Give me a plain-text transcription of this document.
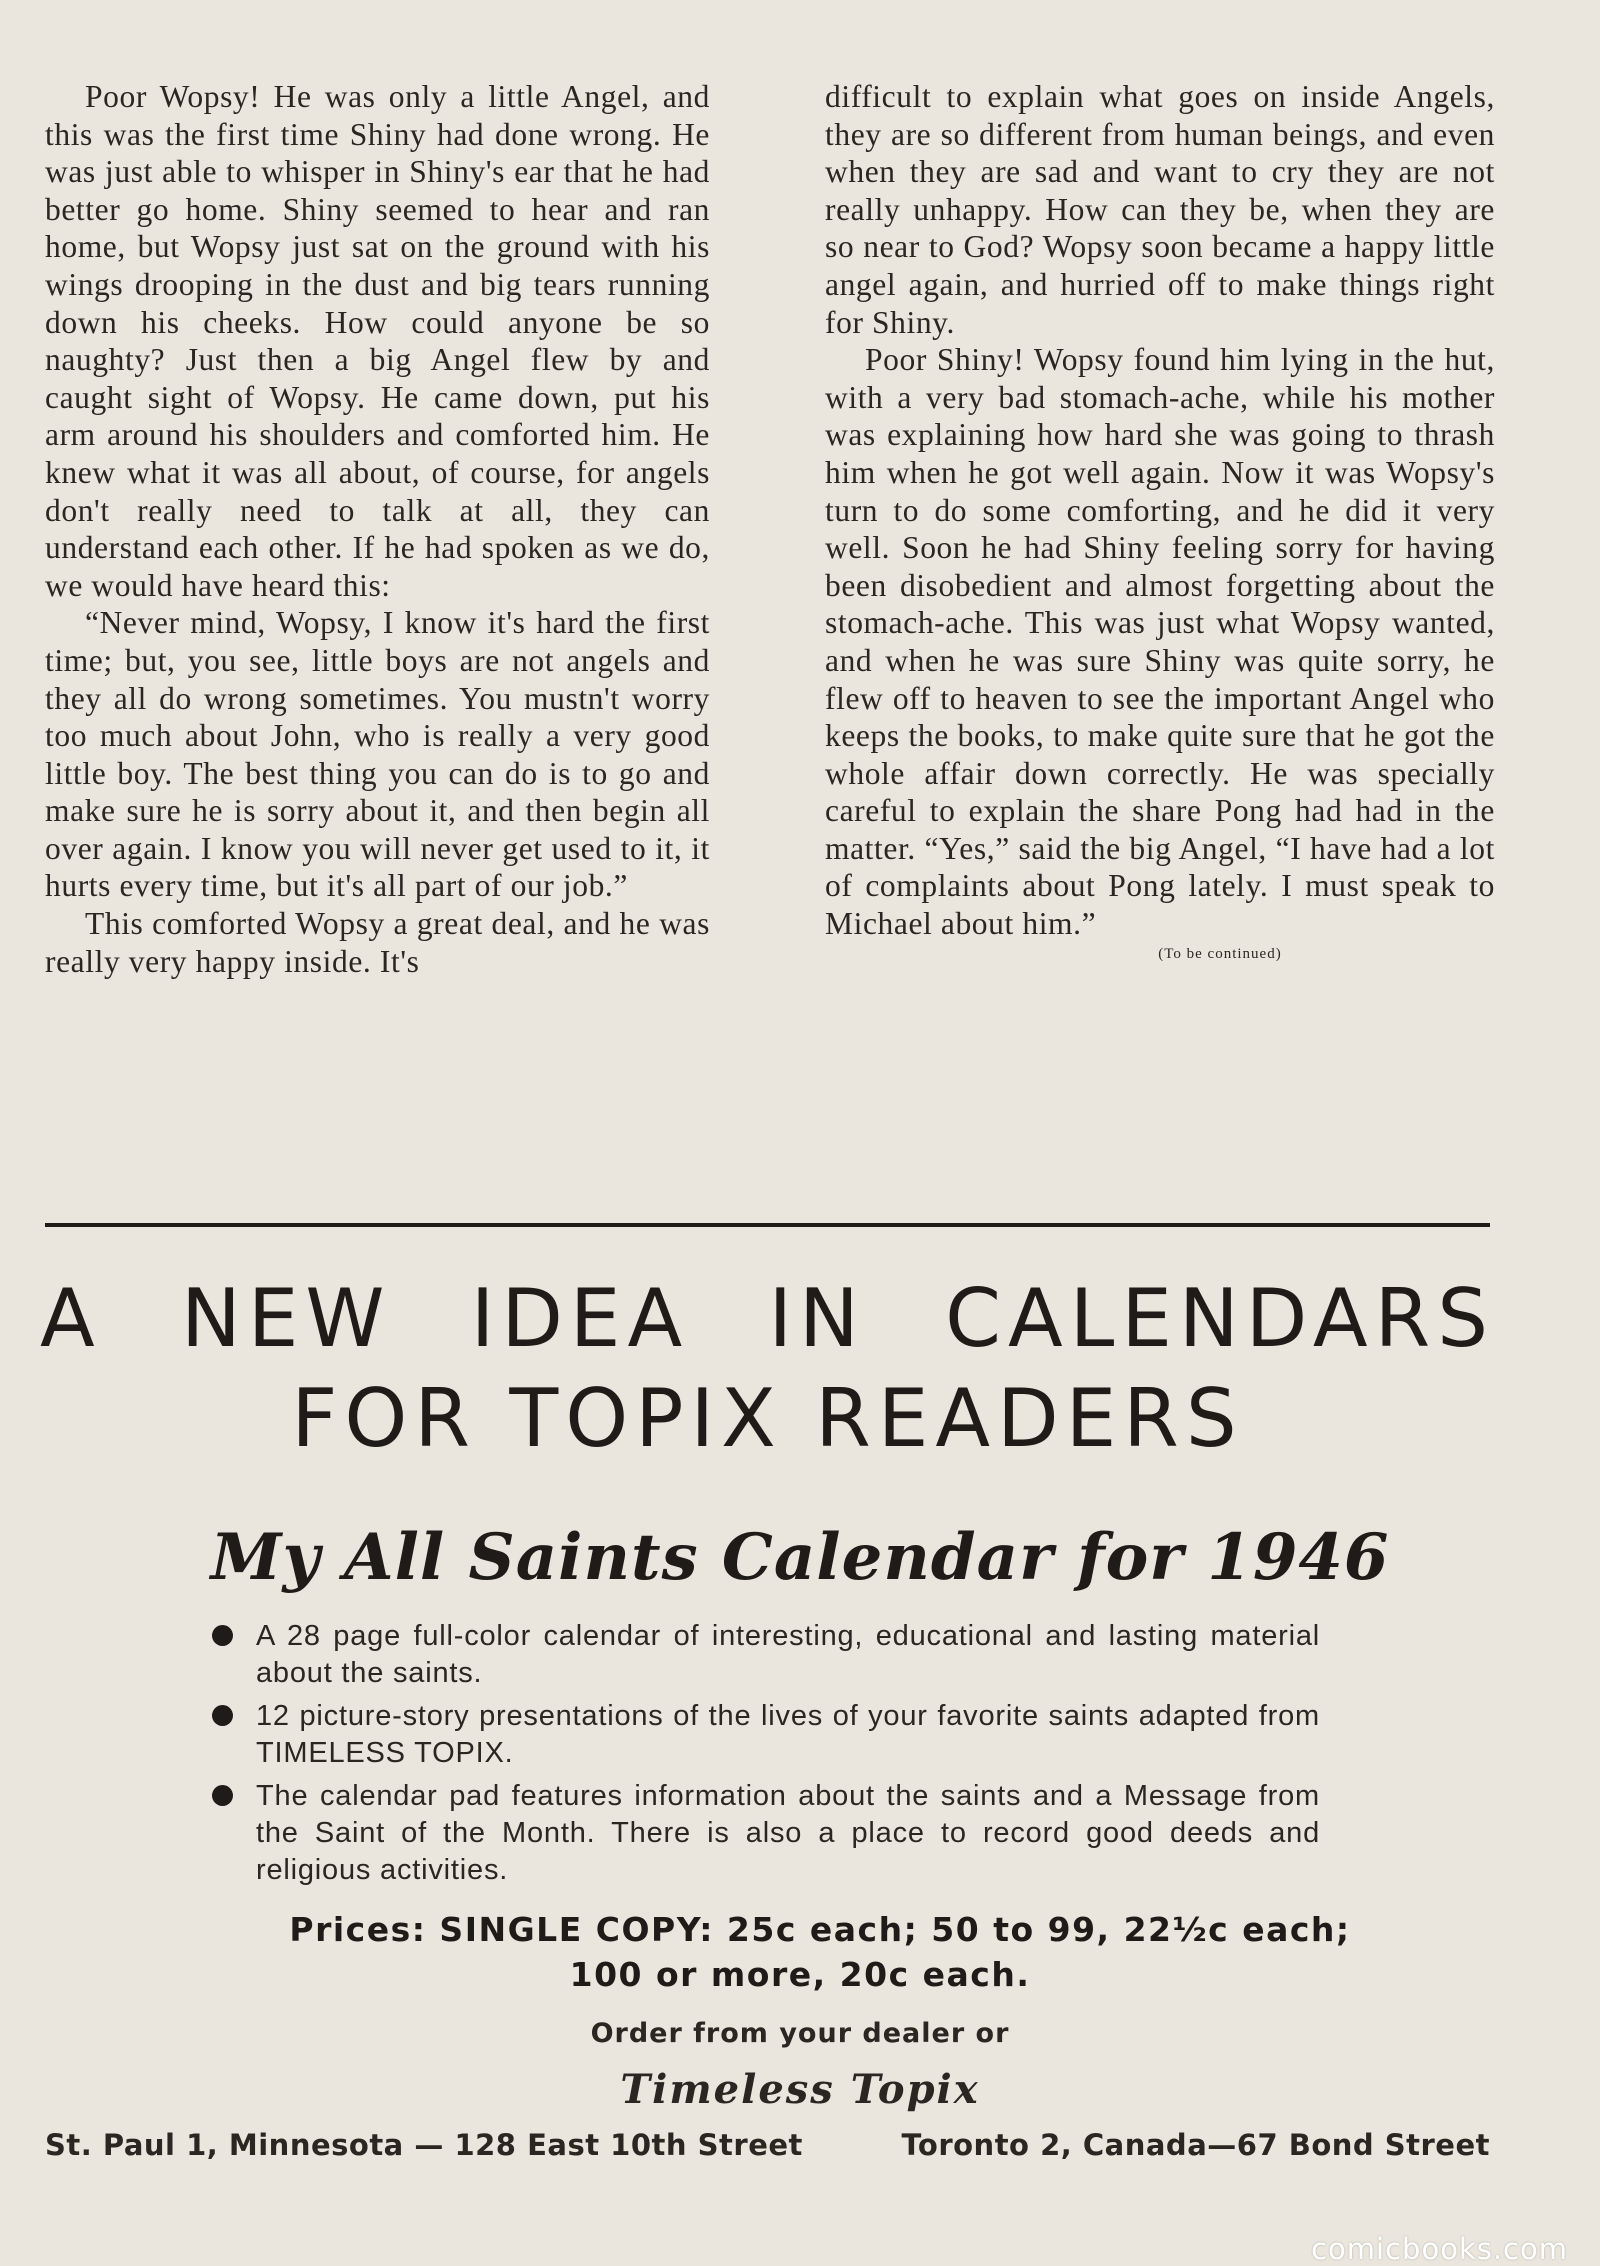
Poor Wopsy! He was only a little Angel, and this was the first time Shiny had done wrong. He was just able to whisper in Shiny's ear that he had better go home. Shiny seemed to hear and ran home, but Wopsy just sat on the ground with his wings drooping in the dust and big tears running down his cheeks. How could anyone be so naughty? Just then a big Angel flew by and caught sight of Wopsy. He came down, put his arm around his shoulders and comforted him. He knew what it was all about, of course, for angels don't really need to talk at all, they can understand each other. If he had spoken as we do, we would have heard this:

“Never mind, Wopsy, I know it's hard the first time; but, you see, little boys are not angels and they all do wrong sometimes. You mustn't worry too much about John, who is really a very good little boy. The best thing you can do is to go and make sure he is sorry about it, and then begin all over again. I know you will never get used to it, it hurts every time, but it's all part of our job.”

This comforted Wopsy a great deal, and he was really very happy inside. It's

difficult to explain what goes on inside Angels, they are so different from human beings, and even when they are sad and want to cry they are not really unhappy. How can they be, when they are so near to God? Wopsy soon became a happy little angel again, and hurried off to make things right for Shiny.

Poor Shiny! Wopsy found him lying in the hut, with a very bad stomach-ache, while his mother was explaining how hard she was going to thrash him when he got well again. Now it was Wopsy's turn to do some comforting, and he did it very well. Soon he had Shiny feeling sorry for having been disobedient and almost forgetting about the stomach-ache. This was just what Wopsy wanted, and when he was sure Shiny was quite sorry, he flew off to heaven to see the important Angel who keeps the books, to make quite sure that he got the whole affair down correctly. He was specially careful to explain the share Pong had had in the matter. “Yes,” said the big Angel, “I have had a lot of complaints about Pong lately. I must speak to Michael about him.”

(To be continued)
A NEW IDEA IN CALENDARS
FOR TOPIX READERS
My All Saints Calendar for 1946
A 28 page full-color calendar of interesting, educational and lasting material about the saints.
12 picture-story presentations of the lives of your favorite saints adapted from TIMELESS TOPIX.
The calendar pad features information about the saints and a Message from the Saint of the Month. There is also a place to record good deeds and religious activities.
Prices: SINGLE COPY: 25c each; 50 to 99, 22½c each;
100 or more, 20c each.
Order from your dealer or
Timeless Topix
St. Paul 1, Minnesota — 128 East 10th Street	Toronto 2, Canada—67 Bond Street
comicbooks.com
